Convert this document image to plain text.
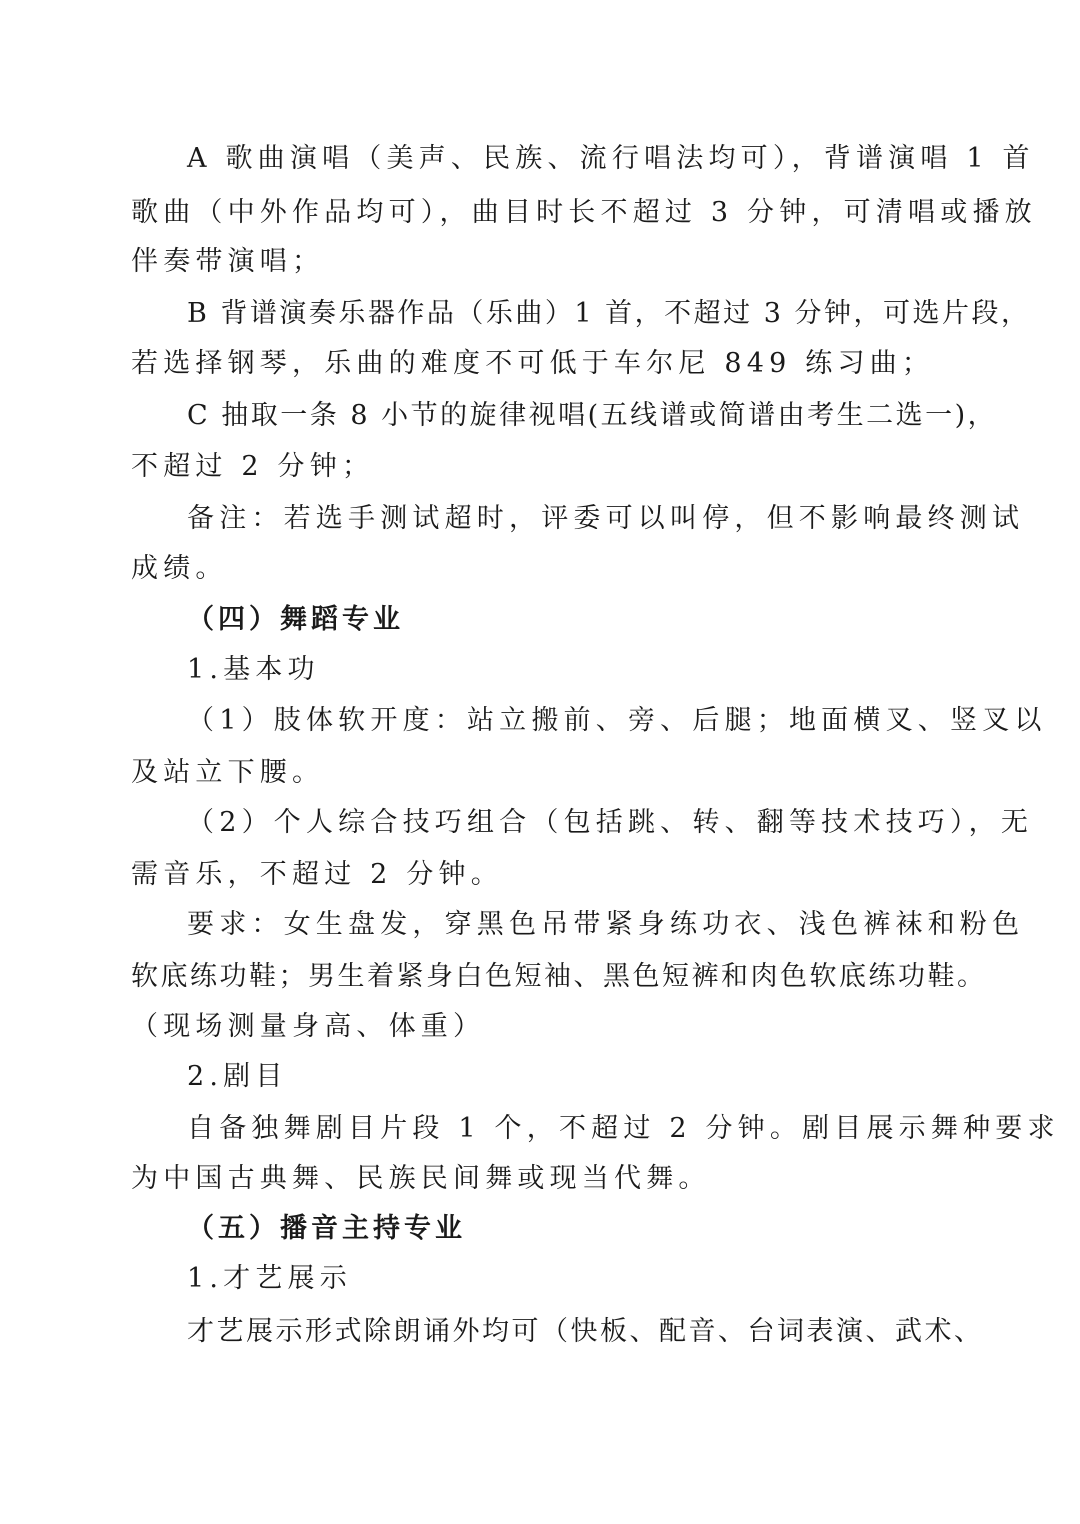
A 歌曲演唱（美声、民族、流行唱法均可），背谱演唱 1 首
歌曲（中外作品均可），曲目时长不超过 3 分钟，可清唱或播放
伴奏带演唱；
B 背谱演奏乐器作品（乐曲）1 首，不超过 3 分钟，可选片段，
若选择钢琴，乐曲的难度不可低于车尔尼 849 练习曲；
C 抽取一条 8 小节的旋律视唱(五线谱或简谱由考生二选一)，
不超过 2 分钟；
备注：若选手测试超时，评委可以叫停，但不影响最终测试
成绩。
（四）舞蹈专业
1.基本功
（1）肢体软开度：站立搬前、旁、后腿；地面横叉、竖叉以
及站立下腰。
（2）个人综合技巧组合（包括跳、转、翻等技术技巧），无
需音乐，不超过 2 分钟。
要求：女生盘发，穿黑色吊带紧身练功衣、浅色裤袜和粉色
软底练功鞋；男生着紧身白色短袖、黑色短裤和肉色软底练功鞋。
（现场测量身高、体重）
2.剧目
自备独舞剧目片段 1 个，不超过 2 分钟。剧目展示舞种要求
为中国古典舞、民族民间舞或现当代舞。
（五）播音主持专业
1.才艺展示
才艺展示形式除朗诵外均可（快板、配音、台词表演、武术、
